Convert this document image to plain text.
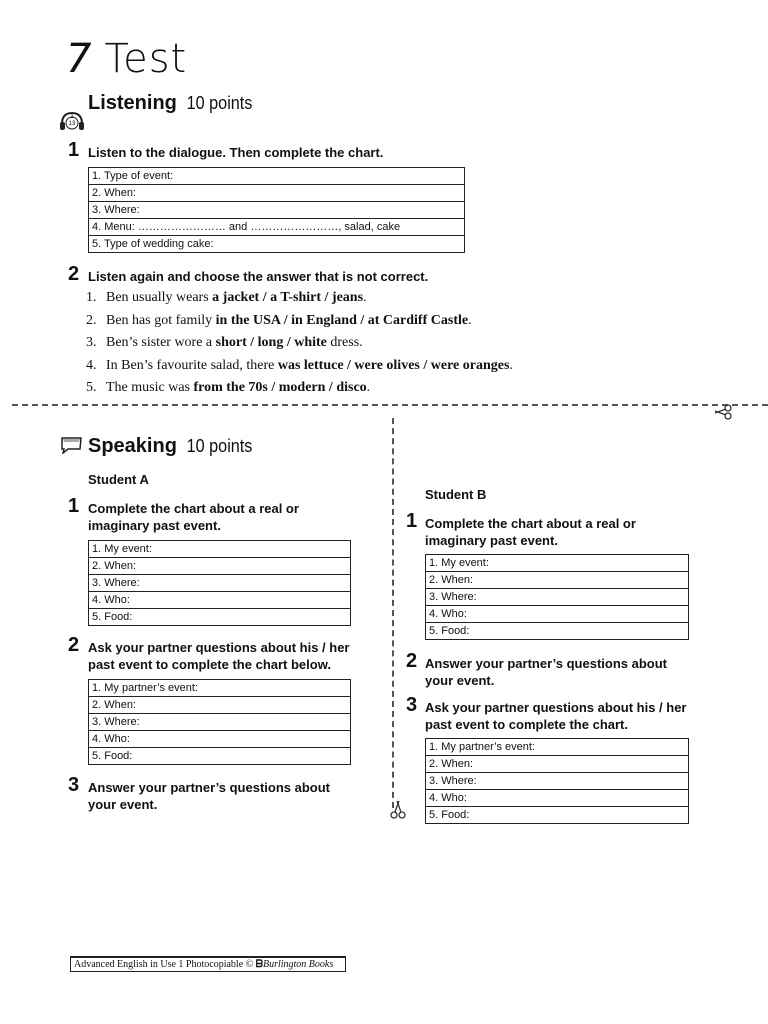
7 Test
1
13
Listening 10 points
1 Listen to the dialogue. Then complete the chart.
1. Type of event:
2. When:
3. Where:
4. Menu: …………………… and ……………………, salad, cake
5. Type of wedding cake:
2 Listen again and choose the answer that is not correct.
1. Ben usually wears a jacket / a T-shirt / jeans.
2. Ben has got family in the USA / in England / at Cardiff Castle.
3. Ben’s sister wore a short / long / white dress.
4. In Ben’s favourite salad, there was lettuce / were olives / were oranges.
5. The music was from the 70s / modern / disco.
Speaking 10 points
Student A
1 Complete the chart about a real or
imaginary past event.
1. My event:
2. When:
3. Where:
4. Who:
5. Food:
2 Ask your partner questions about his / her
past event to complete the chart below.
1. My partner’s event:
2. When:
3. Where:
4. Who:
5. Food:
3 Answer your partner’s questions about
your event.
Student B
1 Complete the chart about a real or
imaginary past event.
1. My event:
2. When:
3. Where:
4. Who:
5. Food:
2 Answer your partner’s questions about
your event.
3 Ask your partner questions about his / her
past event to complete the chart.
1. My partner’s event:
2. When:
3. Where:
4. Who:
5. Food:
Advanced English in Use 1 Photocopiable © ᗷBurlington Books
